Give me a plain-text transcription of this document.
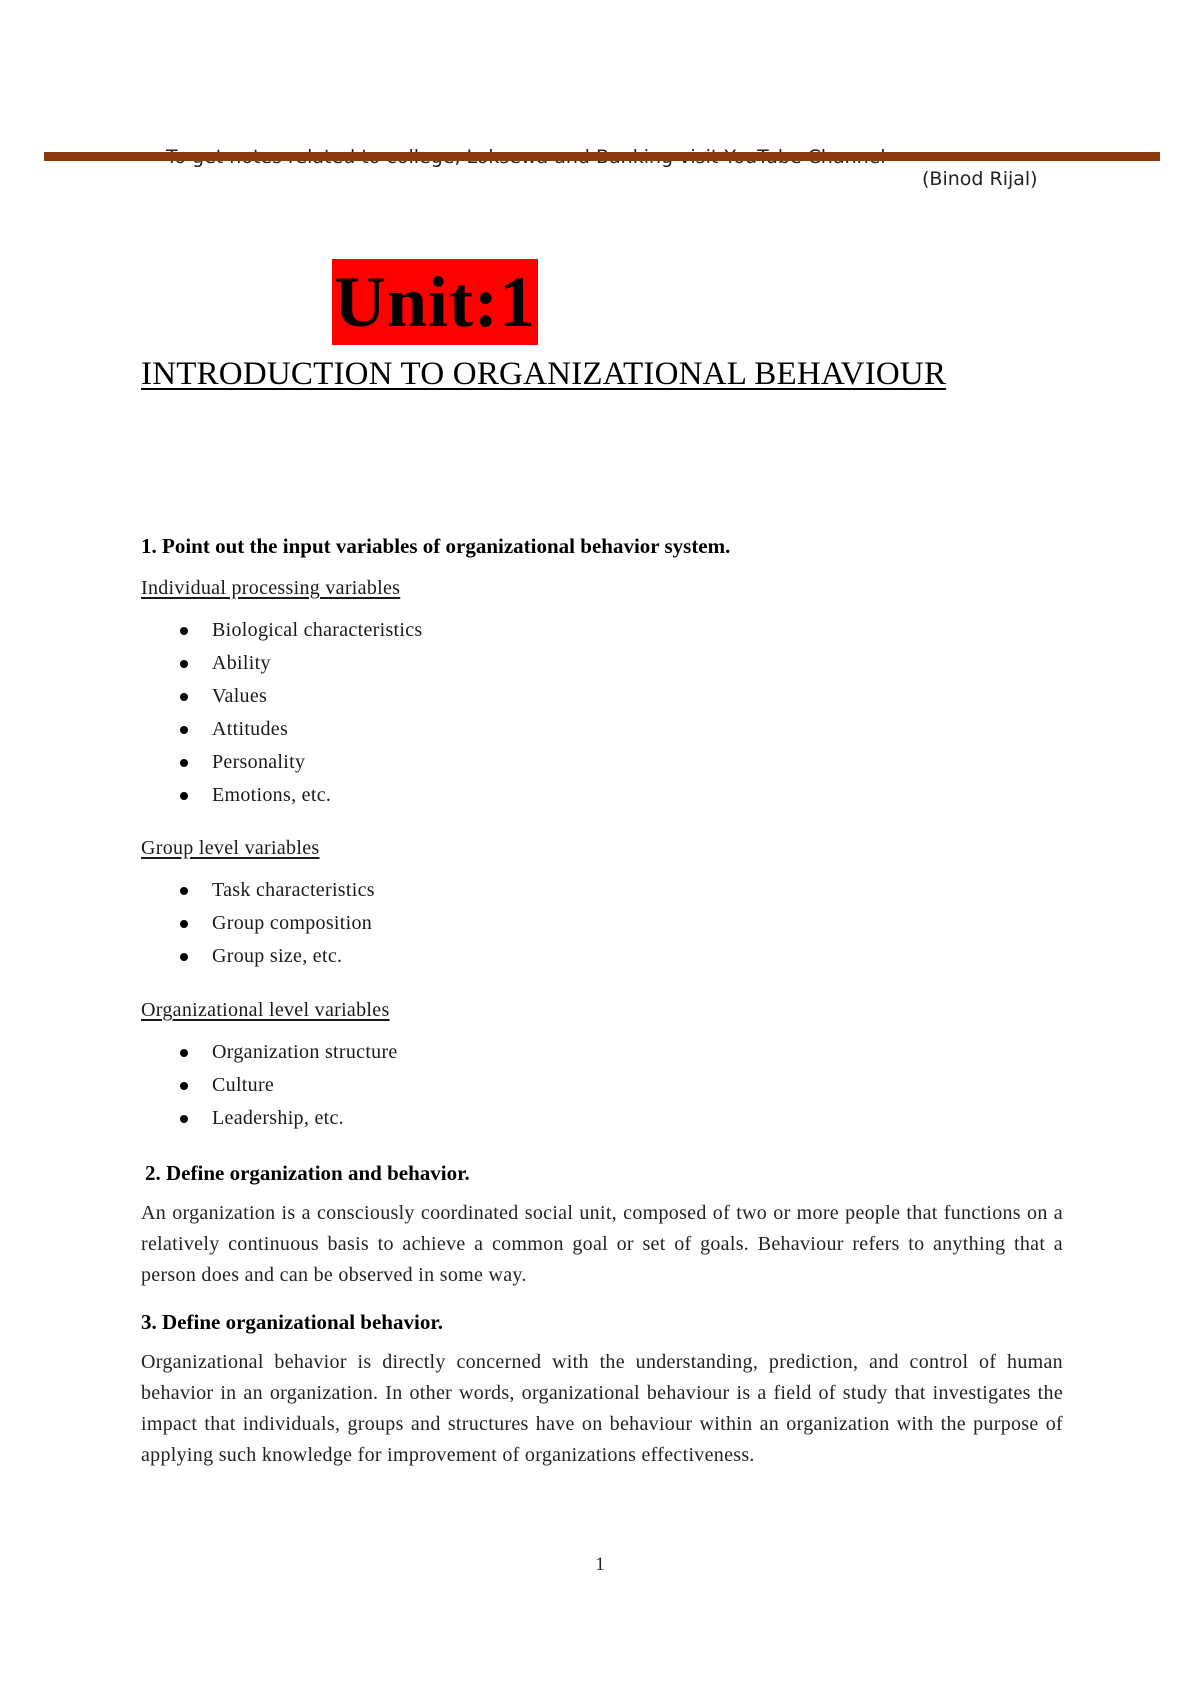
(Binod Rijal)

Unit:1
INTRODUCTION TO ORGANIZATIONAL BEHAVIOUR
1. Point out the input variables of organizational behavior system.
Individual processing variables
Biological characteristics
Ability
Values
Attitudes
Personality
Emotions, etc.
Group level variables
Task characteristics
Group composition
Group size, etc.
Organizational level variables
Organization structure
Culture
Leadership, etc.
2. Define organization and behavior.
An organization is a consciously coordinated social unit, composed of two or more people that functions on a relatively continuous basis to achieve a common goal or set of goals. Behaviour refers to anything that a person does and can be observed in some way.
3. Define organizational behavior.
Organizational behavior is directly concerned with the understanding, prediction, and control of human behavior in an organization. In other words, organizational behaviour is a field of study that investigates the impact that individuals, groups and structures have on behaviour within an organization with the purpose of applying such knowledge for improvement of organizations effectiveness.
1
